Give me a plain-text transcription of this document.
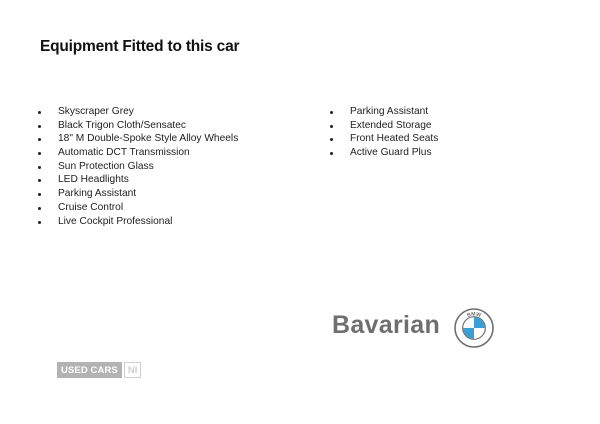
Equipment Fitted to this car
Skyscraper Grey
Black Trigon Cloth/Sensatec
18" M Double-Spoke Style Alloy Wheels
Automatic DCT Transmission
Sun Protection Glass
LED Headlights
Parking Assistant
Cruise Control
Live Cockpit Professional
Parking Assistant
Extended Storage
Front Heated Seats
Active Guard Plus
Bavarian	BMW
USED CARS	NI
